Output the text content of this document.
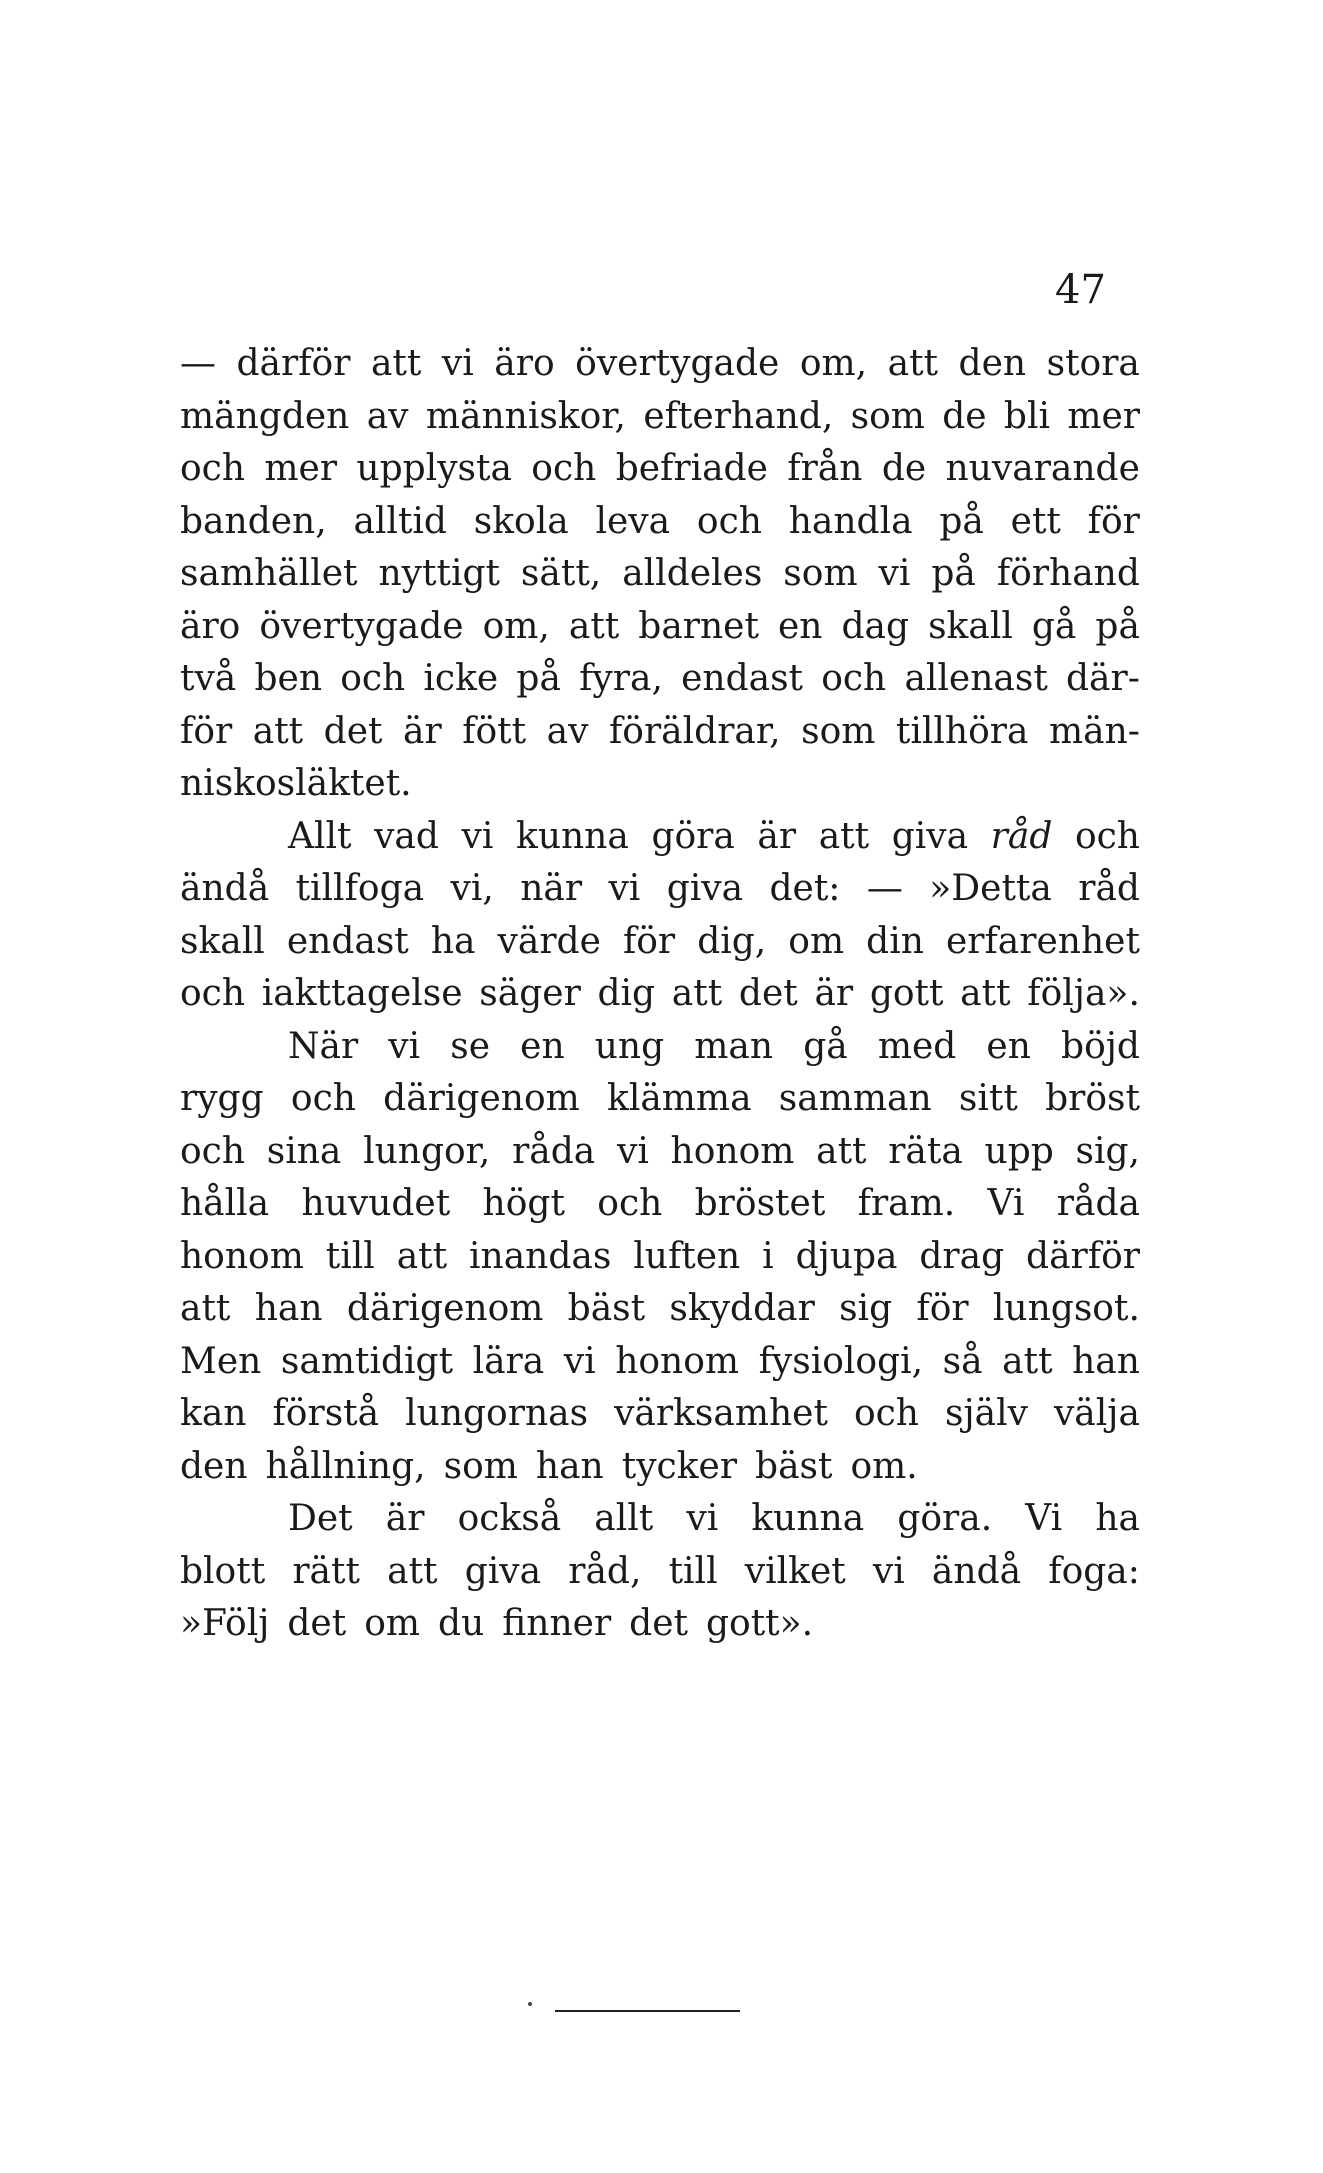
47
— därför att vi äro övertygade om, att den stora
mängden av människor, efterhand, som de bli mer
och mer upplysta och befriade från de nuvarande
banden, alltid skola leva och handla på ett för
samhället nyttigt sätt, alldeles som vi på förhand
äro övertygade om, att barnet en dag skall gå på
två ben och icke på fyra, endast och allenast där-
för att det är fött av föräldrar, som tillhöra män-
niskosläktet.
Allt vad vi kunna göra är att giva råd och
ändå tillfoga vi, när vi giva det: — »Detta råd
skall endast ha värde för dig, om din erfarenhet
och iakttagelse säger dig att det är gott att följa».
När vi se en ung man gå med en böjd
rygg och därigenom klämma samman sitt bröst
och sina lungor, råda vi honom att räta upp sig,
hålla huvudet högt och bröstet fram. Vi råda
honom till att inandas luften i djupa drag därför
att han därigenom bäst skyddar sig för lungsot.
Men samtidigt lära vi honom fysiologi, så att han
kan förstå lungornas värksamhet och själv välja
den hållning, som han tycker bäst om.
Det är också allt vi kunna göra. Vi ha
blott rätt att giva råd, till vilket vi ändå foga:
»Följ det om du finner det gott».
